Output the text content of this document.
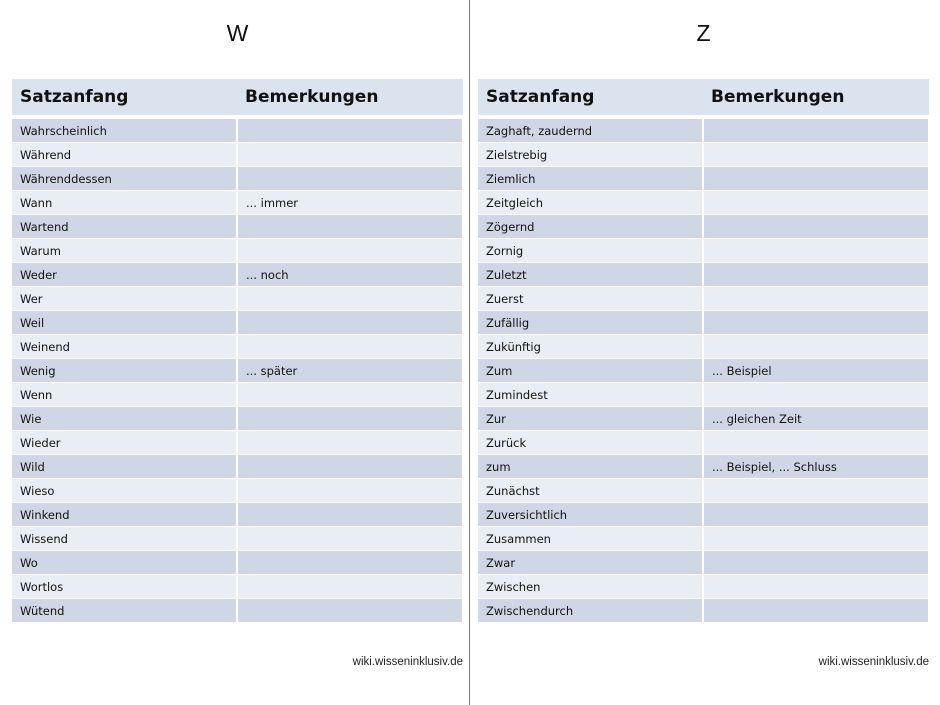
W
Satzanfang	Bemerkungen
Wahrscheinlich	
Während	
Währenddessen	
Wann	... immer
Wartend	
Warum	
Weder	... noch
Wer	
Weil	
Weinend	
Wenig	... später
Wenn	
Wie	
Wieder	
Wild	
Wieso	
Winkend	
Wissend	
Wo	
Wortlos	
Wütend	
wiki.wisseninklusiv.de
Z
Satzanfang	Bemerkungen
Zaghaft, zaudernd	
Zielstrebig	
Ziemlich	
Zeitgleich	
Zögernd	
Zornig	
Zuletzt	
Zuerst	
Zufällig	
Zukünftig	
Zum	... Beispiel
Zumindest	
Zur	... gleichen Zeit
Zurück	
zum	... Beispiel, ... Schluss
Zunächst	
Zuversichtlich	
Zusammen	
Zwar	
Zwischen	
Zwischendurch	
wiki.wisseninklusiv.de
